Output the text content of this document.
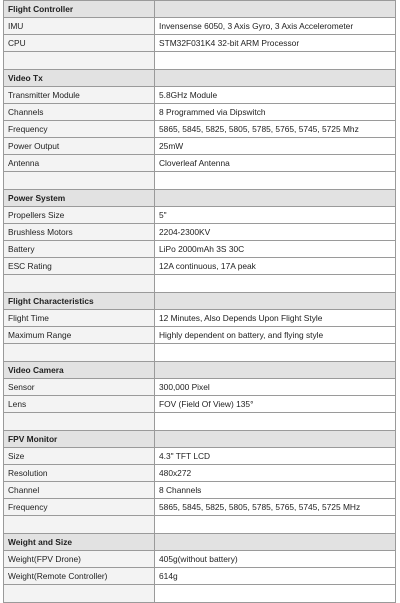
Flight Controller	
IMU	Invensense 6050, 3 Axis Gyro, 3 Axis Accelerometer
CPU	STM32F031K4 32-bit ARM Processor

Video Tx	
Transmitter Module	5.8GHz Module
Channels	8 Programmed via Dipswitch
Frequency	5865, 5845, 5825, 5805, 5785, 5765, 5745, 5725 Mhz
Power Output	25mW
Antenna	Cloverleaf Antenna

Power System	
Propellers Size	5"
Brushless Motors	2204-2300KV
Battery	LiPo 2000mAh 3S 30C
ESC Rating	12A continuous, 17A peak

Flight Characteristics	
Flight Time	12 Minutes, Also Depends Upon Flight Style
Maximum Range	Highly dependent on battery, and flying style

Video Camera	
Sensor	300,000 Pixel
Lens	FOV (Field Of View) 135°

FPV Monitor	
Size	4.3" TFT LCD
Resolution	480x272
Channel	8 Channels
Frequency	5865, 5845, 5825, 5805, 5785, 5765, 5745, 5725 MHz

Weight and Size	
Weight(FPV Drone)	405g(without battery)
Weight(Remote Controller)	614g
